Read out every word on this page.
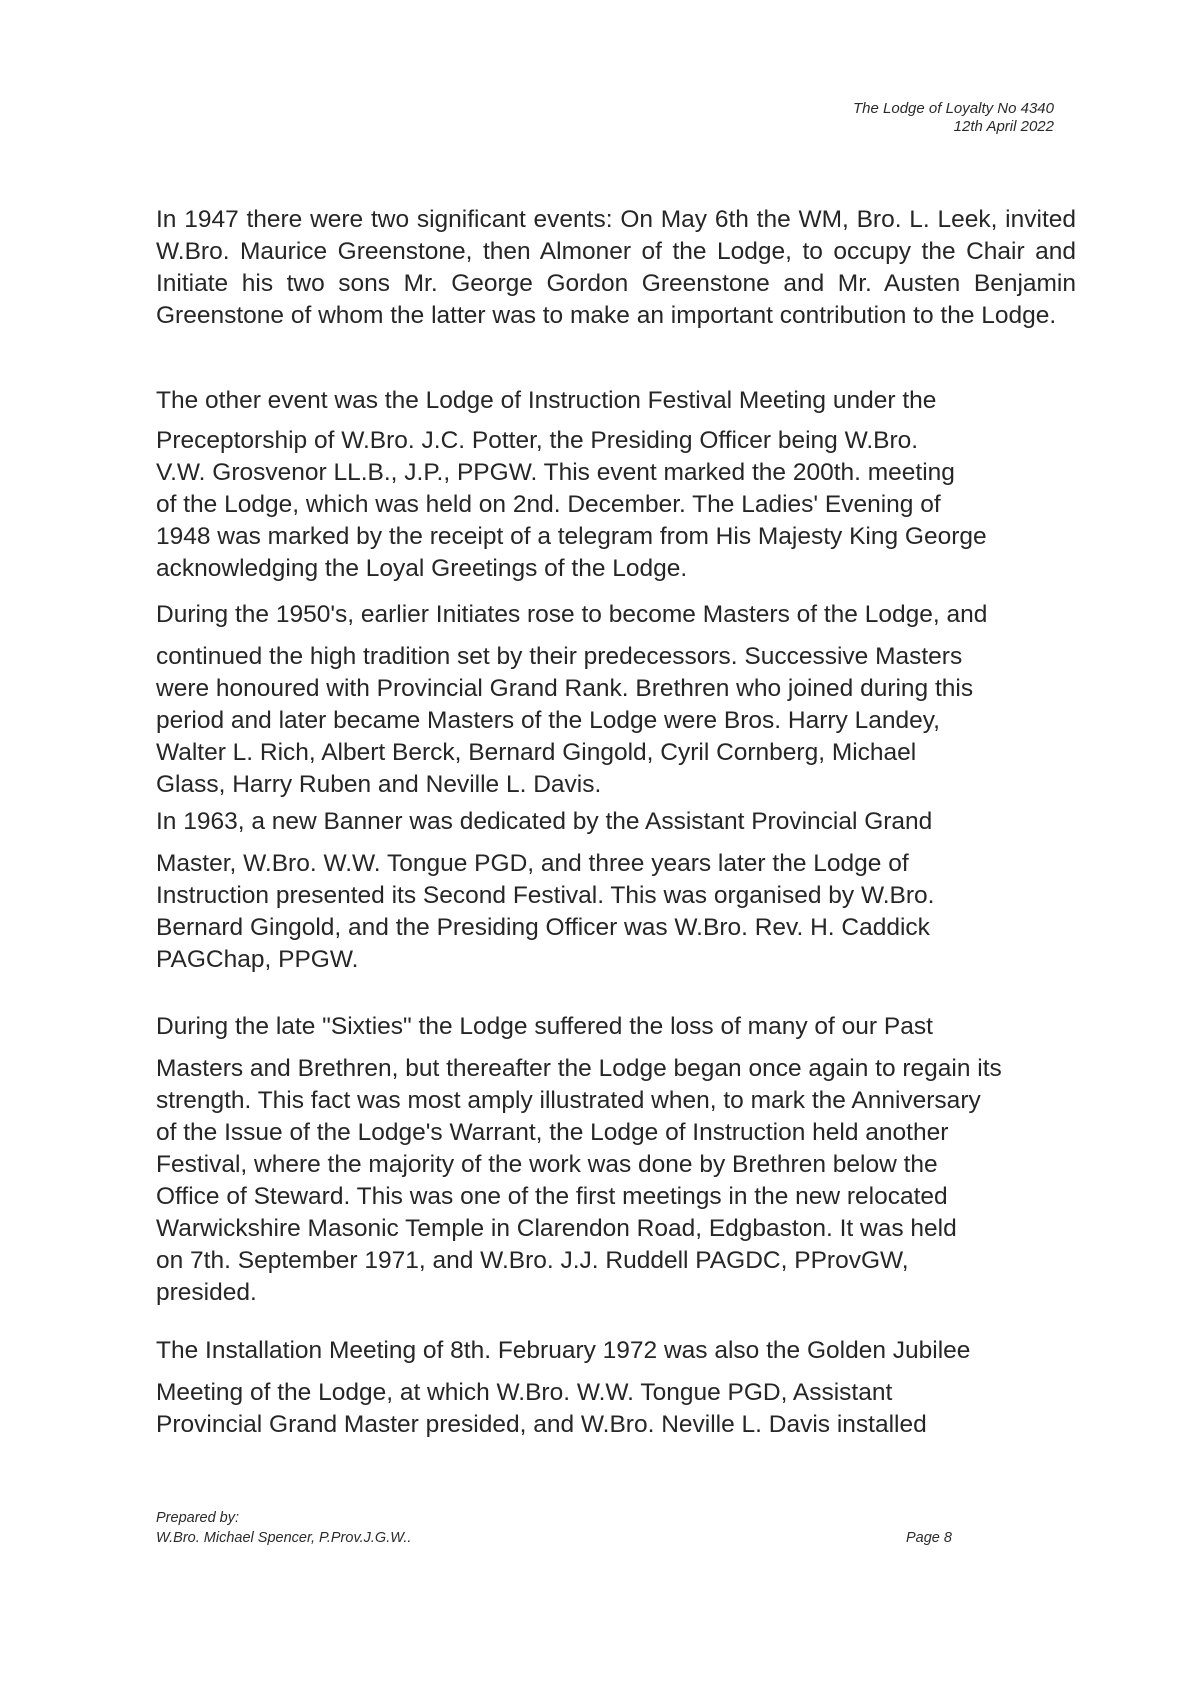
The Lodge of Loyalty No 4340
12th April 2022

In 1947 there were two significant events: On May 6th the WM, Bro. L. Leek, invited W.Bro. Maurice Greenstone, then Almoner of the Lodge, to occupy the Chair and Initiate his two sons Mr. George Gordon Greenstone and Mr. Austen Benjamin Greenstone of whom the latter was to make an important contribution to the Lodge.

The other event was the Lodge of Instruction Festival Meeting under the
Preceptorship of W.Bro. J.C. Potter, the Presiding Officer being W.Bro.
V.W. Grosvenor LL.B., J.P., PPGW. This event marked the 200th. meeting
of the Lodge, which was held on 2nd. December. The Ladies' Evening of
1948 was marked by the receipt of a telegram from His Majesty King George
acknowledging the Loyal Greetings of the Lodge.
During the 1950's, earlier Initiates rose to become Masters of the Lodge, and
continued the high tradition set by their predecessors. Successive Masters
were honoured with Provincial Grand Rank. Brethren who joined during this
period and later became Masters of the Lodge were Bros. Harry Landey,
Walter L. Rich, Albert Berck, Bernard Gingold, Cyril Cornberg, Michael
Glass, Harry Ruben and Neville L. Davis.
In 1963, a new Banner was dedicated by the Assistant Provincial Grand
Master, W.Bro. W.W. Tongue PGD, and three years later the Lodge of
Instruction presented its Second Festival. This was organised by W.Bro.
Bernard Gingold, and the Presiding Officer was W.Bro. Rev. H. Caddick
PAGChap, PPGW.
During the late "Sixties" the Lodge suffered the loss of many of our Past
Masters and Brethren, but thereafter the Lodge began once again to regain its
strength. This fact was most amply illustrated when, to mark the Anniversary
of the Issue of the Lodge's Warrant, the Lodge of Instruction held another
Festival, where the majority of the work was done by Brethren below the
Office of Steward. This was one of the first meetings in the new relocated
Warwickshire Masonic Temple in Clarendon Road, Edgbaston. It was held
on 7th. September 1971, and W.Bro. J.J. Ruddell PAGDC, PProvGW,
presided.
The Installation Meeting of 8th. February 1972 was also the Golden Jubilee
Meeting of the Lodge, at which W.Bro. W.W. Tongue PGD, Assistant
Provincial Grand Master presided, and W.Bro. Neville L. Davis installed
Prepared by:
W.Bro. Michael Spencer, P.Prov.J.G.W..	Page 8
